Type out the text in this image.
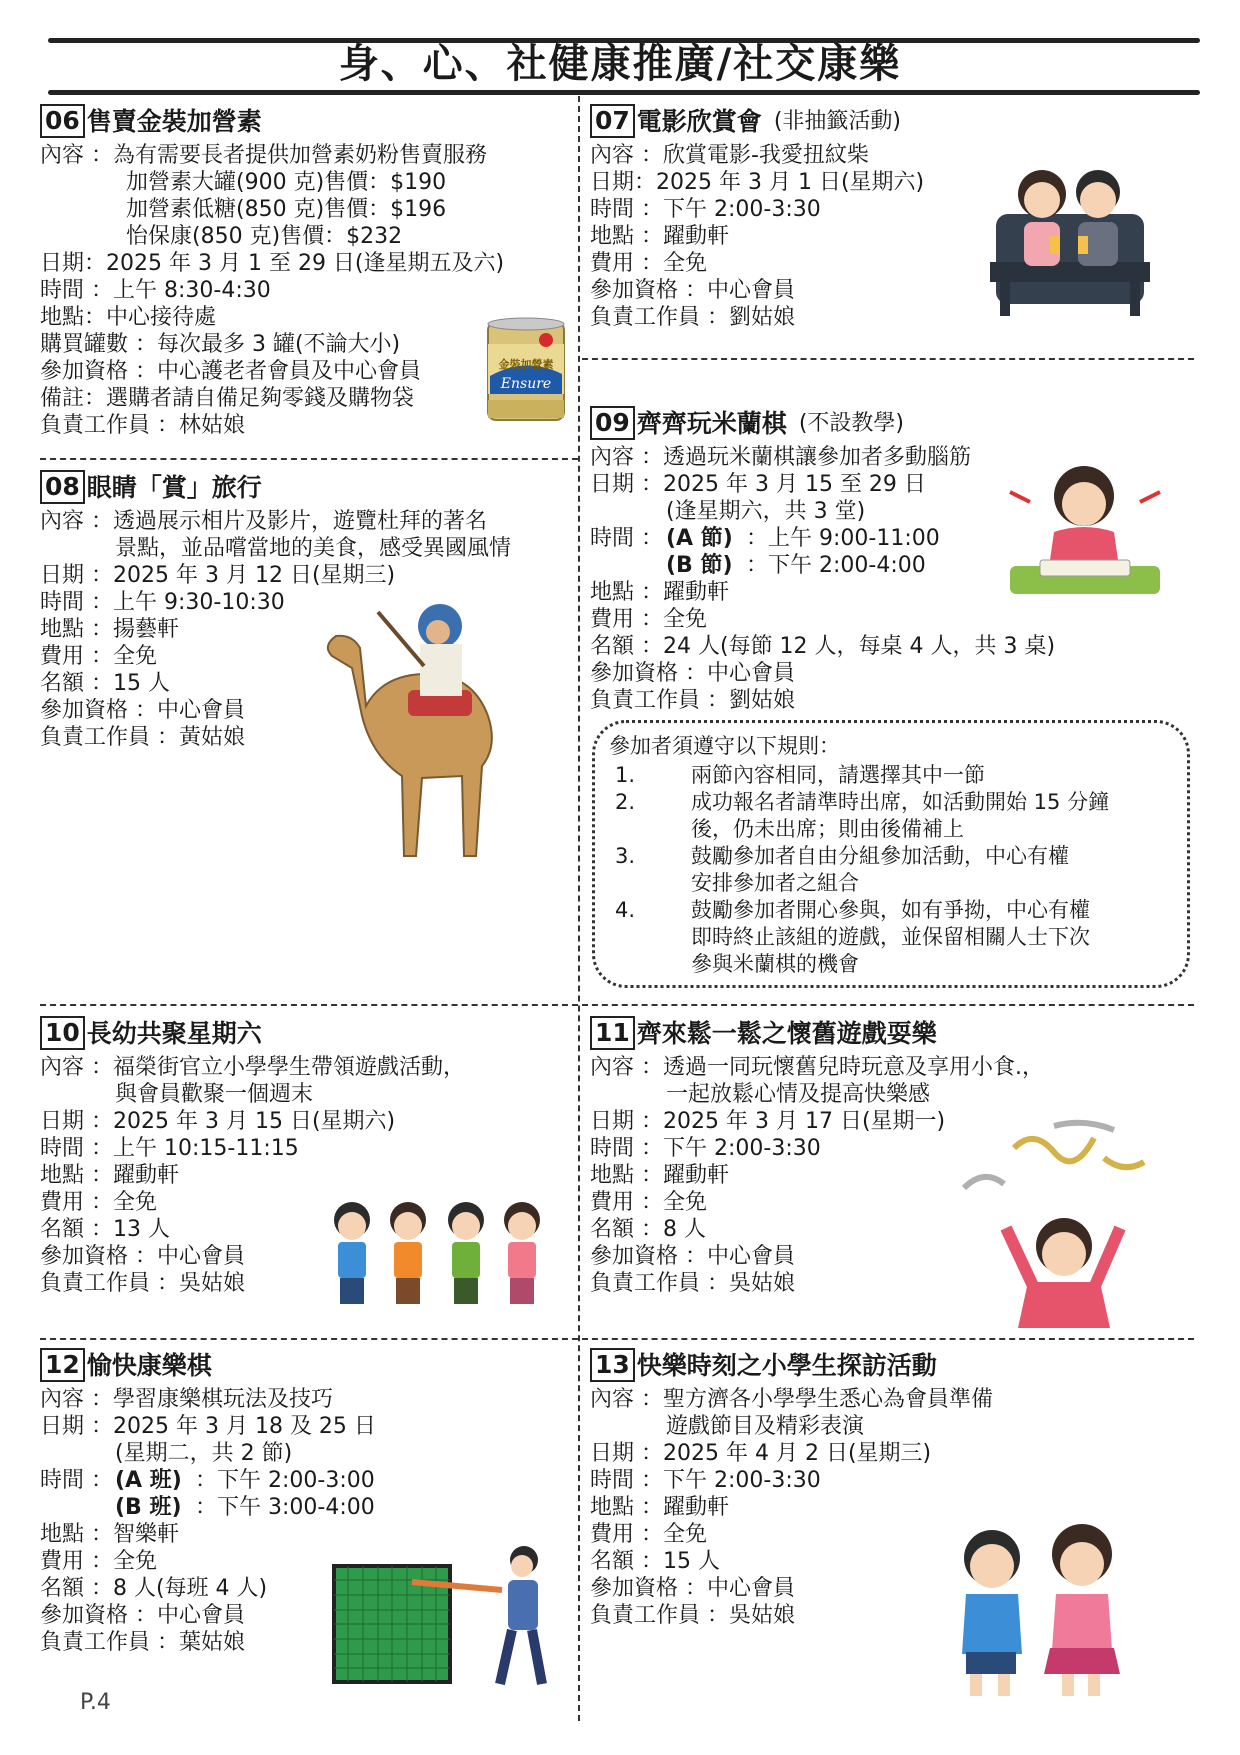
身、心、社健康推廣/社交康樂
06 售賣金裝加營素
內容 ： 為有需要長者提供加營素奶粉售賣服務
加營素大罐(900 克)售價：$190
加營素低糖(850 克)售價：$196
怡保康(850 克)售價：$232
日期：2025 年 3 月 1 至 29 日(逢星期五及六)
時間 ：上午 8:30-4:30
地點：中心接待處
購買罐數 ：每次最多 3 罐(不論大小)
參加資格 ：中心護老者會員及中心會員
備註：選購者請自備足夠零錢及購物袋
負責工作員 ：林姑娘
金裝加營素
Ensure
07 電影欣賞會 (非抽籤活動)
內容 ：欣賞電影-我愛扭紋柴
日期：2025 年 3 月 1 日(星期六)
時間 ：下午 2:00-3:30
地點 ：躍動軒
費用 ：全免
參加資格 ：中心會員
負責工作員 ：劉姑娘
08 眼睛「賞」旅行
內容 ：透過展示相片及影片，遊覽杜拜的著名
景點，並品嚐當地的美食，感受異國風情
日期 ：2025 年 3 月 12 日(星期三)
時間 ：上午 9:30-10:30
地點 ：揚藝軒
費用 ：全免
名額 ：15 人
參加資格 ：中心會員
負責工作員 ：黃姑娘
09 齊齊玩米蘭棋 (不設教學)
內容 ：透過玩米蘭棋讓參加者多動腦筋
日期 ：2025 年 3 月 15 至 29 日
(逢星期六，共 3 堂)
時間 ： (A 節) ：上午 9:00-11:00
(B 節) ：下午 2:00-4:00
地點 ：躍動軒
費用 ：全免
名額 ：24 人(每節 12 人，每桌 4 人，共 3 桌)
參加資格 ：中心會員
負責工作員 ：劉姑娘
參加者須遵守以下規則：
1.	兩節內容相同，請選擇其中一節
2.	成功報名者請準時出席，如活動開始 15 分鐘
後，仍未出席；則由後備補上
3.	鼓勵參加者自由分組參加活動，中心有權
安排參加者之組合
4.	鼓勵參加者開心參與，如有爭拗，中心有權
即時終止該組的遊戲，並保留相關人士下次
參與米蘭棋的機會
10 長幼共聚星期六
內容 ：福榮街官立小學學生帶領遊戲活動，
與會員歡聚一個週末
日期 ：2025 年 3 月 15 日(星期六)
時間 ：上午 10:15-11:15
地點 ：躍動軒
費用 ：全免
名額 ：13 人
參加資格 ：中心會員
負責工作員 ：吳姑娘
11 齊來鬆一鬆之懷舊遊戲耍樂
內容 ：透過一同玩懷舊兒時玩意及享用小食.，
一起放鬆心情及提高快樂感
日期 ：2025 年 3 月 17 日(星期一)
時間 ：下午 2:00-3:30
地點 ：躍動軒
費用 ：全免
名額 ：8 人
參加資格 ：中心會員
負責工作員 ：吳姑娘
12 愉快康樂棋
內容 ：學習康樂棋玩法及技巧
日期 ：2025 年 3 月 18 及 25 日
(星期二，共 2 節)
時間 ： (A 班) ：下午 2:00-3:00
(B 班) ：下午 3:00-4:00
地點 ：智樂軒
費用 ：全免
名額 ：8 人(每班 4 人)
參加資格 ：中心會員
負責工作員 ：葉姑娘
13 快樂時刻之小學生探訪活動
內容 ：聖方濟各小學學生悉心為會員準備
遊戲節目及精彩表演
日期 ：2025 年 4 月 2 日(星期三)
時間 ：下午 2:00-3:30
地點 ：躍動軒
費用 ：全免
名額 ：15 人
參加資格 ：中心會員
負責工作員 ：吳姑娘
P.4
